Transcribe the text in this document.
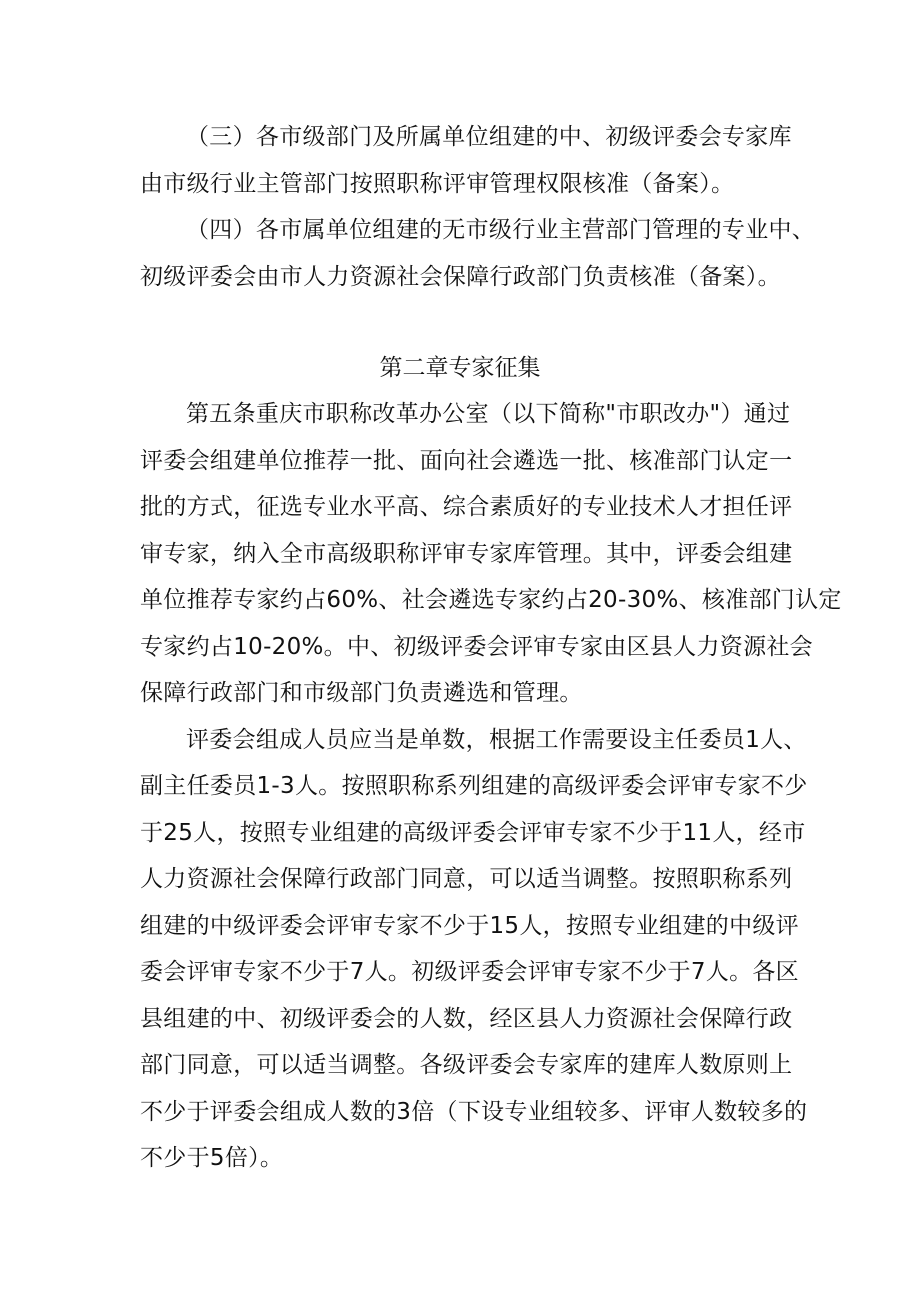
（三）各市级部门及所属单位组建的中、初级评委会专家库
由市级行业主管部门按照职称评审管理权限核准（备案）。
（四）各市属单位组建的无市级行业主营部门管理的专业中、
初级评委会由市人力资源社会保障行政部门负责核准（备案）。
第二章专家征集
第五条重庆市职称改革办公室（以下简称"市职改办"）通过
评委会组建单位推荐一批、面向社会遴选一批、核准部门认定一
批的方式，征选专业水平高、综合素质好的专业技术人才担任评
审专家，纳入全市高级职称评审专家库管理。其中，评委会组建
单位推荐专家约占60%、社会遴选专家约占20-30%、核准部门认定
专家约占10-20%。中、初级评委会评审专家由区县人力资源社会
保障行政部门和市级部门负责遴选和管理。
评委会组成人员应当是单数，根据工作需要设主任委员1人、
副主任委员1-3人。按照职称系列组建的高级评委会评审专家不少
于25人，按照专业组建的高级评委会评审专家不少于11人，经市
人力资源社会保障行政部门同意，可以适当调整。按照职称系列
组建的中级评委会评审专家不少于15人，按照专业组建的中级评
委会评审专家不少于7人。初级评委会评审专家不少于7人。各区
县组建的中、初级评委会的人数，经区县人力资源社会保障行政
部门同意，可以适当调整。各级评委会专家库的建库人数原则上
不少于评委会组成人数的3倍（下设专业组较多、评审人数较多的
不少于5倍）。
